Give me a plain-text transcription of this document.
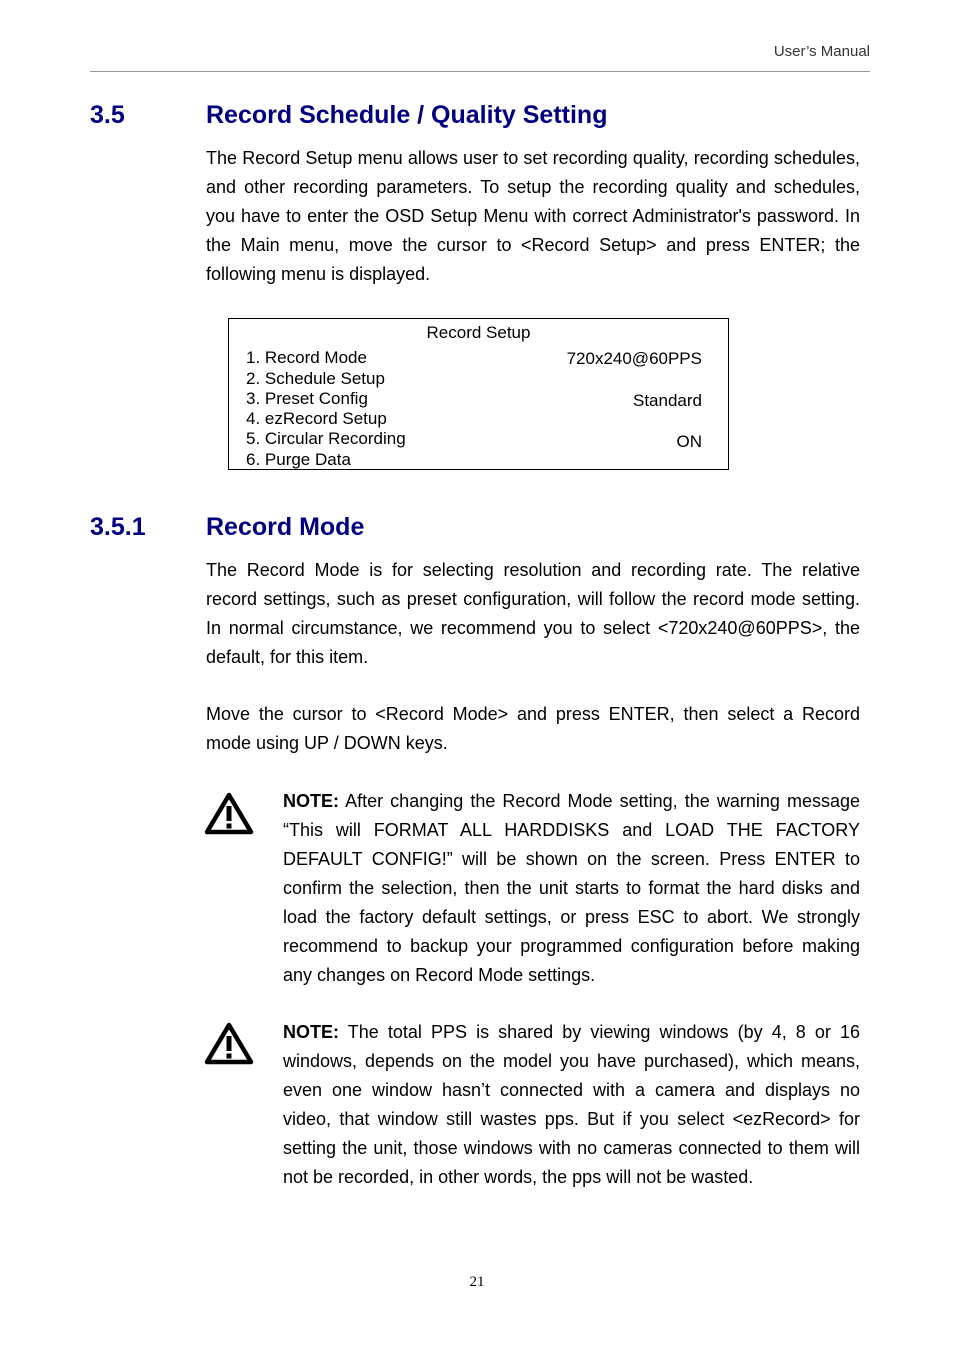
User’s Manual
3.5	Record Schedule / Quality Setting

The Record Setup menu allows user to set recording quality, recording schedules, and other recording parameters. To setup the recording quality and schedules, you have to enter the OSD Setup Menu with correct Administrator's password. In the Main menu, move the cursor to <Record Setup> and press ENTER; the following menu is displayed.

Record Setup
1. Record Mode	720x240@60PPS
2. Schedule Setup
3. Preset Config	Standard
4. ezRecord Setup
5. Circular Recording	ON
6. Purge Data
3.5.1 Record Mode

The Record Mode is for selecting resolution and recording rate. The relative record settings, such as preset configuration, will follow the record mode setting. In normal circumstance, we recommend you to select <720x240@60PPS>, the default, for this item.

Move the cursor to <Record Mode> and press ENTER, then select a Record mode using UP / DOWN keys.

NOTE: After changing the Record Mode setting, the warning message “This will FORMAT ALL HARDDISKS and LOAD THE FACTORY DEFAULT CONFIG!” will be shown on the screen. Press ENTER to confirm the selection, then the unit starts to format the hard disks and load the factory default settings, or press ESC to abort. We strongly recommend to backup your programmed configuration before making any changes on Record Mode settings.

NOTE: The total PPS is shared by viewing windows (by 4, 8 or 16 windows, depends on the model you have purchased), which means, even one window hasn’t connected with a camera and displays no video, that window still wastes pps. But if you select <ezRecord> for setting the unit, those windows with no cameras connected to them will not be recorded, in other words, the pps will not be wasted.

21
